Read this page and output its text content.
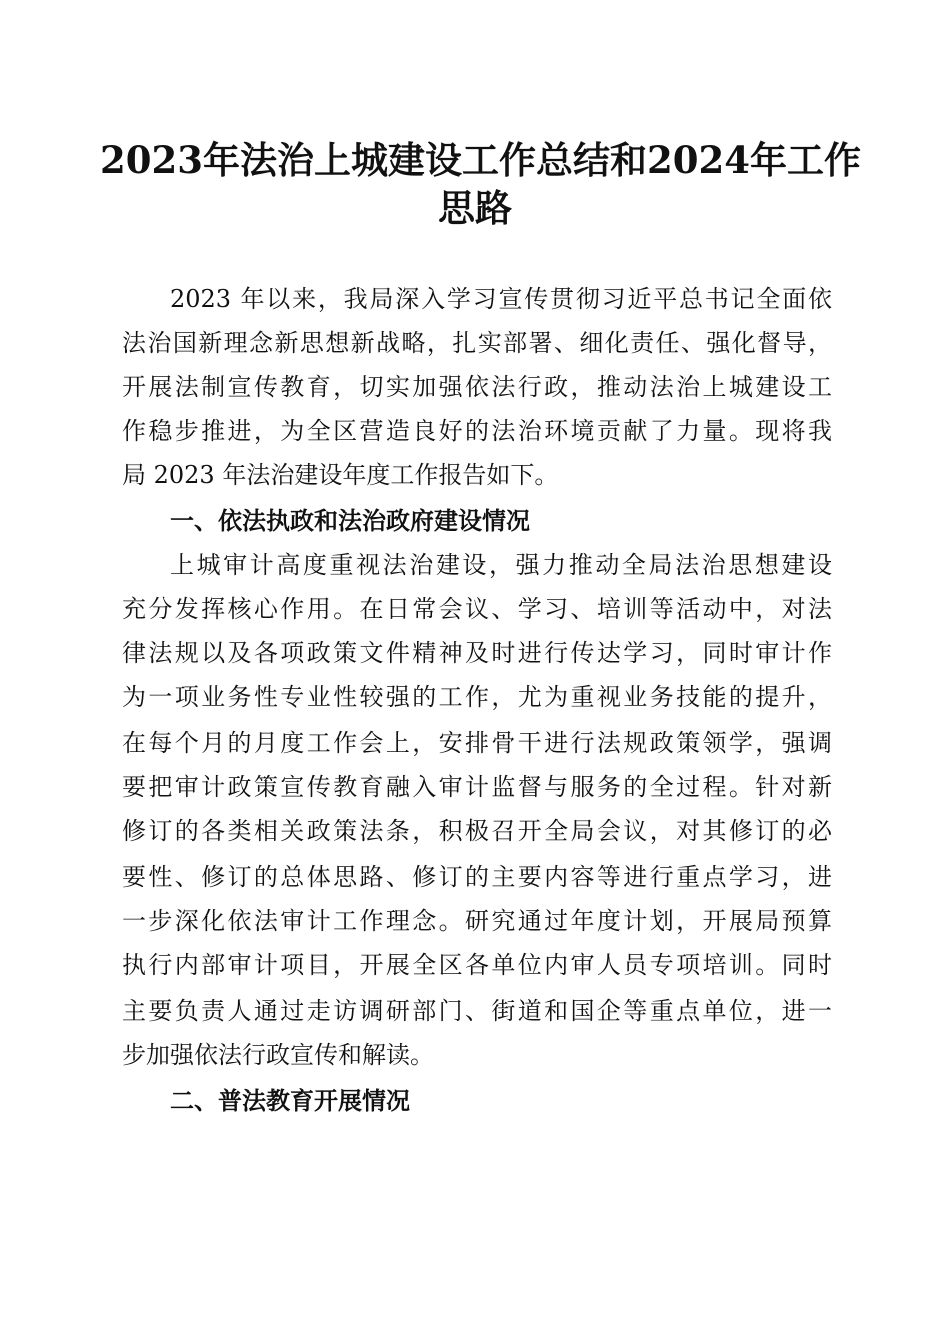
2023年法治上城建设工作总结和2024年工作
思路

2023 年以来，我局深入学习宣传贯彻习近平总书记全面依

法治国新理念新思想新战略，扎实部署、细化责任、强化督导，

开展法制宣传教育，切实加强依法行政，推动法治上城建设工

作稳步推进，为全区营造良好的法治环境贡献了力量。现将我

局 2023 年法治建设年度工作报告如下。

一、依法执政和法治政府建设情况

上城审计高度重视法治建设，强力推动全局法治思想建设

充分发挥核心作用。在日常会议、学习、培训等活动中，对法

律法规以及各项政策文件精神及时进行传达学习，同时审计作

为一项业务性专业性较强的工作，尤为重视业务技能的提升，

在每个月的月度工作会上，安排骨干进行法规政策领学，强调

要把审计政策宣传教育融入审计监督与服务的全过程。针对新

修订的各类相关政策法条，积极召开全局会议，对其修订的必

要性、修订的总体思路、修订的主要内容等进行重点学习，进

一步深化依法审计工作理念。研究通过年度计划，开展局预算

执行内部审计项目，开展全区各单位内审人员专项培训。同时

主要负责人通过走访调研部门、街道和国企等重点单位，进一

步加强依法行政宣传和解读。

二、普法教育开展情况
